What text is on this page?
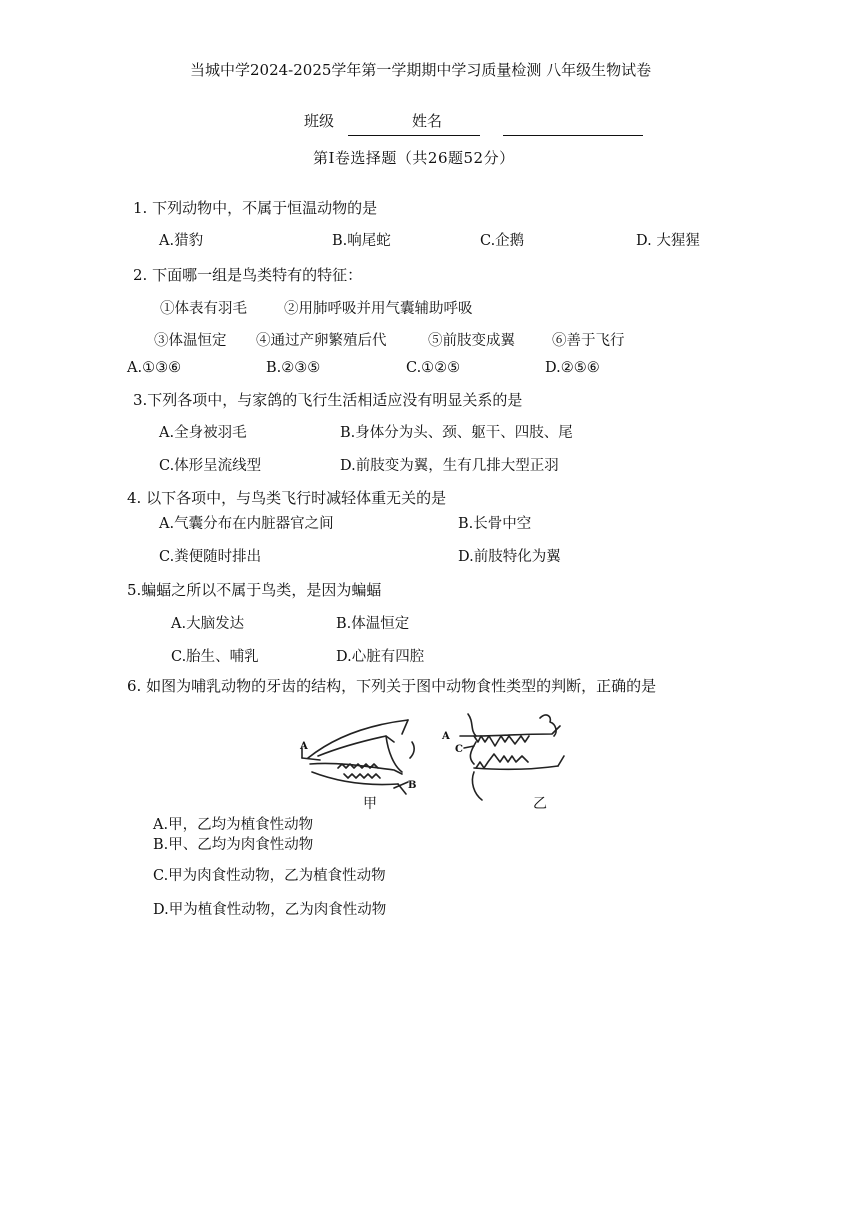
当城中学2024-2025学年第一学期期中学习质量检测 八年级生物试卷
班级	姓名
第Ⅰ卷选择题（共26题52分）
1. 下列动物中，不属于恒温动物的是
A.猎豹	B.响尾蛇	C.企鹅	D. 大猩猩
2. 下面哪一组是鸟类特有的特征：
①体表有羽毛	②用肺呼吸并用气囊辅助呼吸
③体温恒定 ④通过产卵繁殖后代	⑤前肢变成翼	⑥善于飞行
A.①③⑥	B.②③⑤	C.①②⑤	D.②⑤⑥
3.下列各项中，与家鸽的飞行生活相适应没有明显关系的是
A.全身被羽毛	B.身体分为头、颈、躯干、四肢、尾
C.体形呈流线型	D.前肢变为翼，生有几排大型正羽
4. 以下各项中，与鸟类飞行时减轻体重无关的是
A.气囊分布在内脏器官之间	B.长骨中空
C.粪便随时排出	D.前肢特化为翼
5.蝙蝠之所以不属于鸟类，是因为蝙蝠
A.大脑发达	B.体温恒定
C.胎生、哺乳	D.心脏有四腔
6. 如图为哺乳动物的牙齿的结构，下列关于图中动物食性类型的判断，正确的是
A
B
A
C
甲	乙
A.甲，乙均为植食性动物
B.甲、乙均为肉食性动物
C.甲为肉食性动物，乙为植食性动物
D.甲为植食性动物，乙为肉食性动物
